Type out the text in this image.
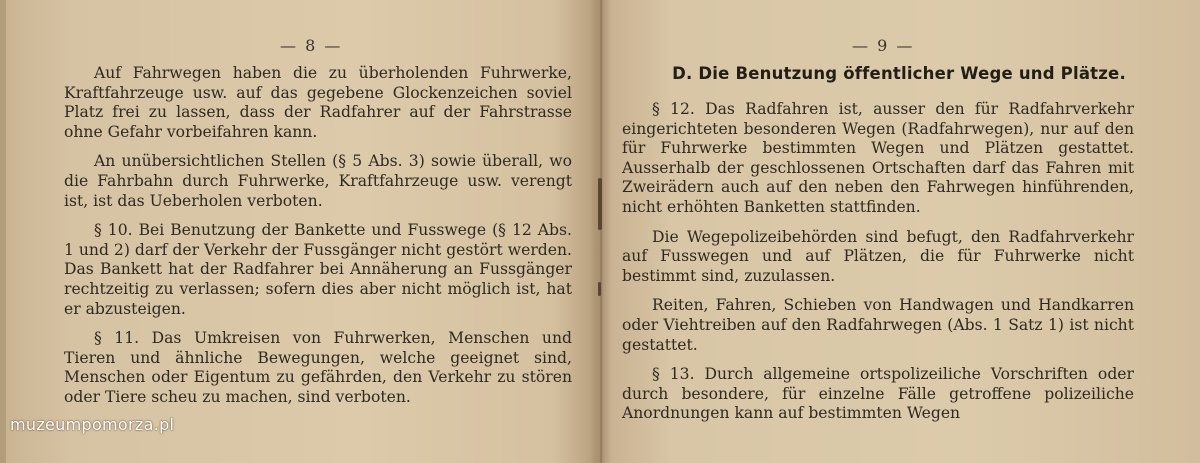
— 8 —

Auf Fahrwegen haben die zu überholenden Fuhrwerke, Kraftfahrzeuge usw. auf das gegebene Glockenzeichen soviel Platz frei zu lassen, dass der Radfahrer auf der Fahrstrasse ohne Gefahr vorbeifahren kann.

An unübersichtlichen Stellen (§ 5 Abs. 3) sowie überall, wo die Fahrbahn durch Fuhrwerke, Kraftfahrzeuge usw. verengt ist, ist das Ueberholen verboten.

§ 10. Bei Benutzung der Bankette und Fusswege (§ 12 Abs. 1 und 2) darf der Verkehr der Fussgänger nicht gestört werden. Das Bankett hat der Radfahrer bei Annäherung an Fussgänger rechtzeitig zu verlassen; sofern dies aber nicht möglich ist, hat er abzusteigen.

§ 11. Das Umkreisen von Fuhrwerken, Menschen und Tieren und ähnliche Bewegungen, welche geeignet sind, Menschen oder Eigentum zu gefährden, den Verkehr zu stören oder Tiere scheu zu machen, sind verboten.

— 9 —
D. Die Benutzung öffentlicher Wege und Plätze.

§ 12. Das Radfahren ist, ausser den für Radfahrverkehr eingerichteten besonderen Wegen (Radfahrwegen), nur auf den für Fuhrwerke bestimmten Wegen und Plätzen gestattet. Ausserhalb der geschlossenen Ortschaften darf das Fahren mit Zweirädern auch auf den neben den Fahrwegen hinführenden, nicht erhöhten Banketten stattfinden.

Die Wegepolizeibehörden sind befugt, den Radfahrverkehr auf Fusswegen und auf Plätzen, die für Fuhrwerke nicht bestimmt sind, zuzulassen.

Reiten, Fahren, Schieben von Handwagen und Handkarren oder Viehtreiben auf den Radfahrwegen (Abs. 1 Satz 1) ist nicht gestattet.

§ 13. Durch allgemeine ortspolizeiliche Vorschriften oder durch besondere, für einzelne Fälle getroffene polizeiliche Anordnungen kann auf bestimmten Wegen

muzeumpomorza.pl
